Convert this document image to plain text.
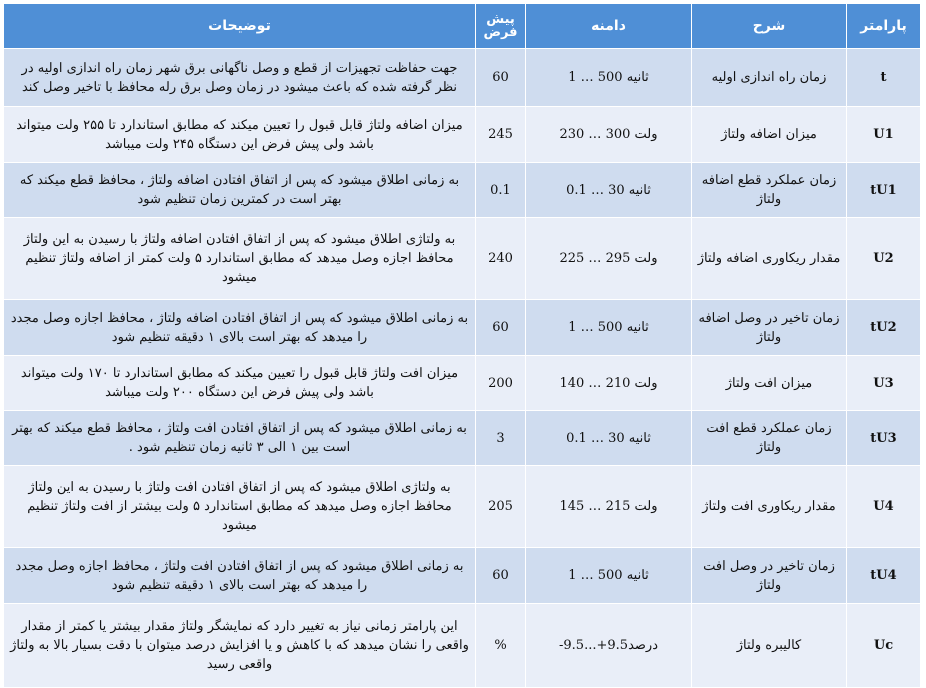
پارامتر	شرح	دامنه	پیش فرض	توضیحات
t	زمان راه اندازی اولیه	ثانیه 500 … 1	60	جهت حفاظت تجهیزات از قطع و وصل ناگهانی برق شهر زمان راه اندازی اولیه در نظر گرفته شده که باعث میشود در زمان وصل برق رله محافظ با تاخیر وصل کند
U1	میزان اضافه ولتاژ	ولت 300 … 230	245	میزان اضافه ولتاژ قابل قبول را تعیین میکند که مطابق استاندارد تا ۲۵۵ ولت میتواند باشد ولی پیش فرض این دستگاه ۲۴۵ ولت میباشد
tU1	زمان عملکرد قطع اضافه ولتاژ	ثانیه 30 … 0.1	0.1	به زمانی اطلاق میشود که پس از اتفاق افتادن اضافه ولتاژ ، محافظ قطع میکند که بهتر است در کمترین زمان تنظیم شود
U2	مقدار ریکاوری اضافه ولتاژ	ولت 295 … 225	240	به ولتاژی اطلاق میشود که پس از اتفاق افتادن اضافه ولتاژ با رسیدن به این ولتاژ محافظ اجازه وصل میدهد که مطابق استاندارد ۵ ولت کمتر از اضافه ولتاژ تنظیم میشود
tU2	زمان تاخیر در وصل اضافه ولتاژ	ثانیه 500 … 1	60	به زمانی اطلاق میشود که پس از اتفاق افتادن اضافه ولتاژ ، محافظ اجازه وصل مجدد را میدهد که بهتر است بالای ۱ دقیقه تنظیم شود
U3	میزان افت ولتاژ	ولت 210 … 140	200	میزان افت ولتاژ قابل قبول را تعیین میکند که مطابق استاندارد تا ۱۷۰ ولت میتواند باشد ولی پیش فرض این دستگاه ۲۰۰ ولت میباشد
tU3	زمان عملکرد قطع افت ولتاژ	ثانیه 30 … 0.1	3	به زمانی اطلاق میشود که پس از اتفاق افتادن افت ولتاژ ، محافظ قطع میکند که بهتر است بین ۱ الی ۳ ثانیه زمان تنظیم شود .
U4	مقدار ریکاوری افت ولتاژ	ولت 215 … 145	205	به ولتاژی اطلاق میشود که پس از اتفاق افتادن افت ولتاژ با رسیدن به این ولتاژ محافظ اجازه وصل میدهد که مطابق استاندارد ۵ ولت بیشتر از افت ولتاژ تنظیم میشود
tU4	زمان تاخیر در وصل افت ولتاژ	ثانیه 500 … 1	60	به زمانی اطلاق میشود که پس از اتفاق افتادن افت ولتاژ ، محافظ اجازه وصل مجدد را میدهد که بهتر است بالای ۱ دقیقه تنظیم شود
Uc	کالیبره ولتاژ	درصد9.5+...9.5-	%	این پارامتر زمانی نیاز به تغییر دارد که نمایشگر ولتاژ مقدار بیشتر یا کمتر از مقدار واقعی را نشان میدهد که با کاهش و یا افزایش درصد میتوان با دقت بسیار بالا به ولتاژ واقعی رسید
